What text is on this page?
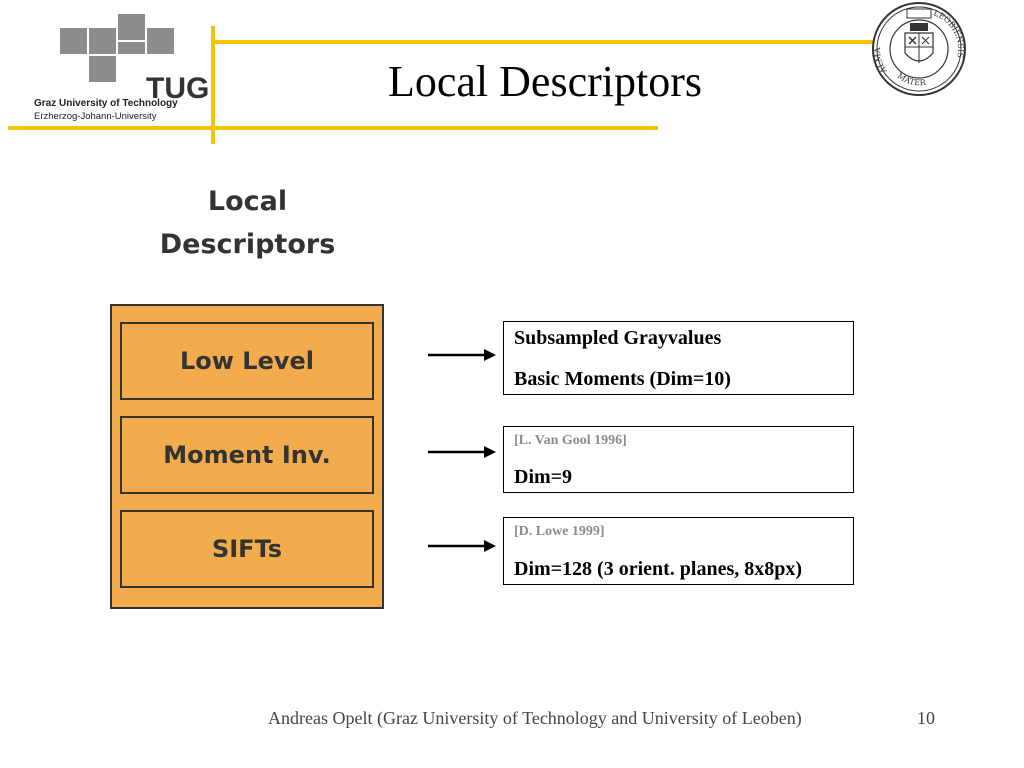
TUG
Graz University of Technology
Erzherzog-Johann-University
ALMA
LEOBIENSIS
MATER
Local Descriptors
Local
Descriptors
Low Level
Moment Inv.
SIFTs
Subsampled Grayvalues
Basic Moments (Dim=10)
[L. Van Gool 1996]
Dim=9
[D. Lowe 1999]
Dim=128 (3 orient. planes, 8x8px)
Andreas Opelt (Graz University of Technology and University of Leoben)	10
